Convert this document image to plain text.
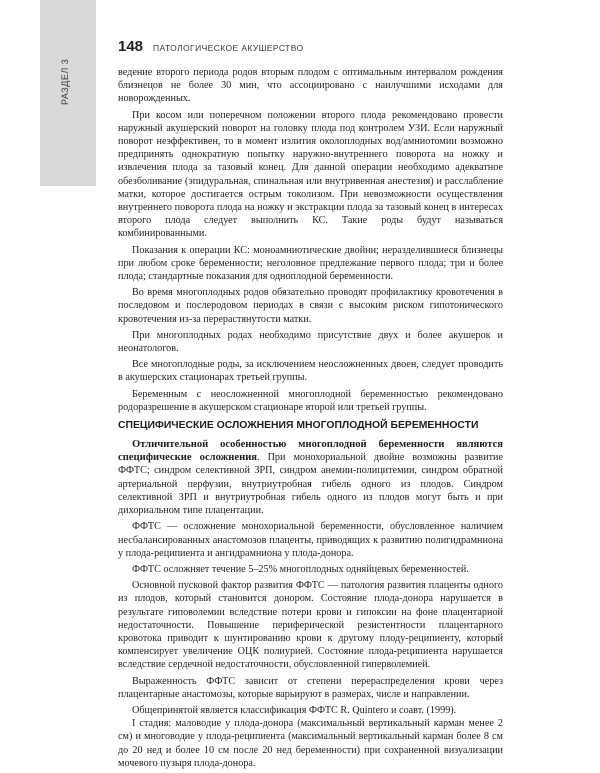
РАЗДЕЛ 3
148 ПАТОЛОГИЧЕСКОЕ АКУШЕРСТВО

ведение второго периода родов вторым плодом с оптимальным интервалом рождения близнецов не более 30 мин, что ассоциировано с наилучшими исходами для новорожденных.

При косом или поперечном положении второго плода рекомендовано провести наружный акушерский поворот на головку плода под контролем УЗИ. Если наружный поворот неэффективен, то в момент излития околоплодных вод/амниотомии возможно предпринять однократную попытку наружно-внутреннего поворота на ножку и извлечения плода за тазовый конец. Для данной операции необходимо адекватное обезболивание (эпидуральная, спинальная или внутривенная анестезия) и расслабление матки, которое достигается острым токолизом. При невозможности осуществления внутреннего поворота плода на ножку и экстракции плода за тазовый конец в интересах второго плода следует выполнить КС. Такие роды будут называться комбинированными.

Показания к операции КС: моноамниотические двойни; неразделившиеся близнецы при любом сроке беременности; неголовное предлежание первого плода; три и более плода; стандартные показания для одноплодной беременности.

Во время многоплодных родов обязательно проводят профилактику кровотечения в последовом и послеродовом периодах в связи с высоким риском гипотонического кровотечения из-за перерастянутости матки.

При многоплодных родах необходимо присутствие двух и более акушерок и неонатологов.

Все многоплодные роды, за исключением неосложненных двоен, следует проводить в акушерских стационарах третьей группы.

Беременным с неосложненной многоплодной беременностью рекомендовано родоразрешение в акушерском стационаре второй или третьей группы.

СПЕЦИФИЧЕСКИЕ ОСЛОЖНЕНИЯ МНОГОПЛОДНОЙ БЕРЕМЕННОСТИ

Отличительной особенностью многоплодной беременности являются специфические осложнения. При монохориальной двойне возможны развитие ФФТС; синдром селективной ЗРП, синдром анемии-полицитемии, синдром обратной артериальной перфузии, внутриутробная гибель одного из плодов. Синдром селективной ЗРП и внутриутробная гибель одного из плодов могут быть и при дихориальном типе плацентации.

ФФТС — осложнение монохориальной беременности, обусловленное наличием несбалансированных анастомозов плаценты, приводящих к развитию полигидрамниона у плода-реципиента и ангидрамниона у плода-донора.

ФФТС осложняет течение 5–25% многоплодных одняйцевых беременностей.

Основной пусковой фактор развития ФФТС — патология развития плаценты одного из плодов, который становится донором. Состояние плода-донора нарушается в результате гиповолемии вследствие потери крови и гипоксии на фоне плацентарной недостаточности. Повышение периферической резистентности плацентарного кровотока приводит к шунтированию крови к другому плоду-реципиенту, который компенсирует увеличение ОЦК полиурией. Состояние плода-реципиента нарушается вследствие сердечной недостаточности, обусловленной гиперволемией.

Выраженность ФФТС зависит от степени перераспределения крови через плацентарные анастомозы, которые варьируют в размерах, числе и направлении.

Общепринятой является классификация ФФТС R. Quintero и соавт. (1999).

I стадия: маловодие у плода-донора (максимальный вертикальный карман менее 2 см) и многоводие у плода-реципиента (максимальный вертикальный карман более 8 см до 20 нед и более 10 см после 20 нед беременности) при сохраненной визуализации мочевого пузыря плода-донора.
